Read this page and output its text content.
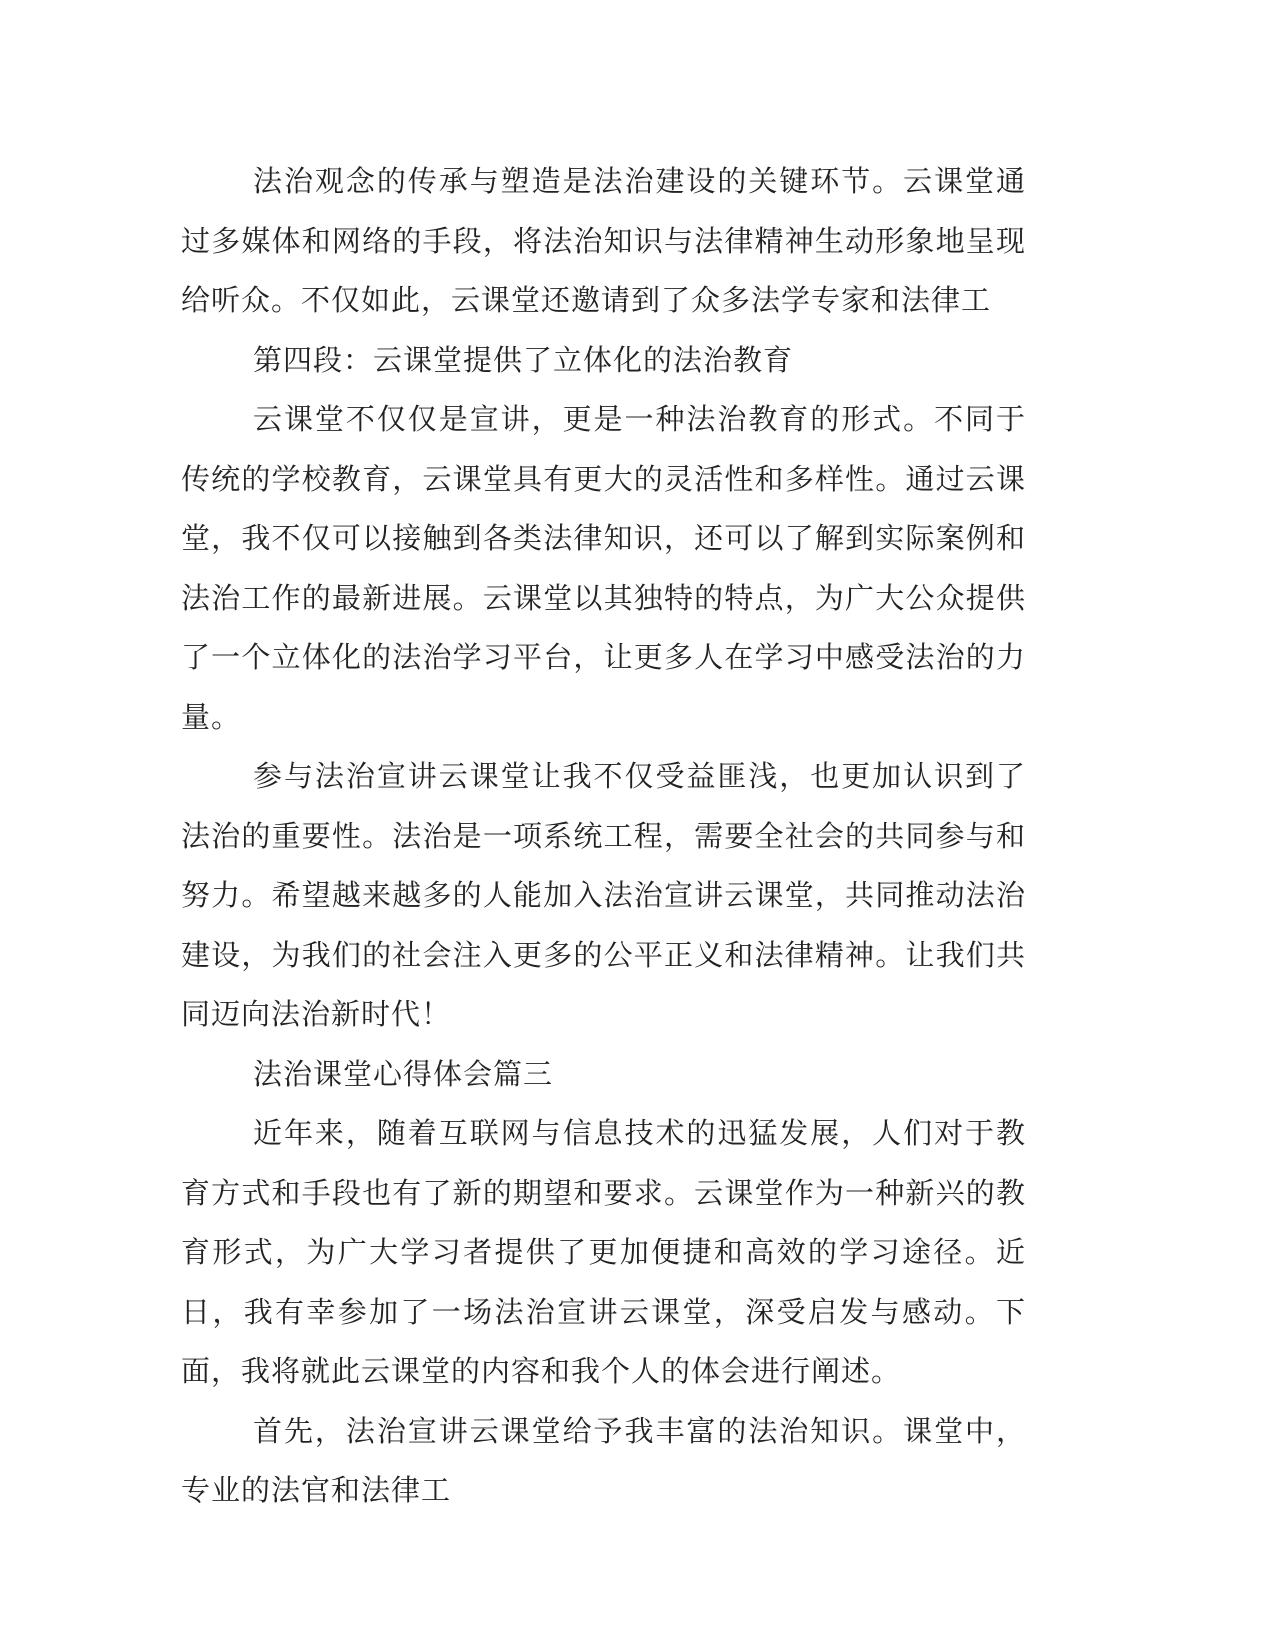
法治观念的传承与塑造是法治建设的关键环节。云课堂通过多媒体和网络的手段，将法治知识与法律精神生动形象地呈现给听众。不仅如此，云课堂还邀请到了众多法学专家和法律工

第四段：云课堂提供了立体化的法治教育

云课堂不仅仅是宣讲，更是一种法治教育的形式。不同于传统的学校教育，云课堂具有更大的灵活性和多样性。通过云课堂，我不仅可以接触到各类法律知识，还可以了解到实际案例和法治工作的最新进展。云课堂以其独特的特点，为广大公众提供了一个立体化的法治学习平台，让更多人在学习中感受法治的力量。

参与法治宣讲云课堂让我不仅受益匪浅，也更加认识到了法治的重要性。法治是一项系统工程，需要全社会的共同参与和努力。希望越来越多的人能加入法治宣讲云课堂，共同推动法治建设，为我们的社会注入更多的公平正义和法律精神。让我们共同迈向法治新时代！

法治课堂心得体会篇三

近年来，随着互联网与信息技术的迅猛发展，人们对于教育方式和手段也有了新的期望和要求。云课堂作为一种新兴的教育形式，为广大学习者提供了更加便捷和高效的学习途径。近日，我有幸参加了一场法治宣讲云课堂，深受启发与感动。下面，我将就此云课堂的内容和我个人的体会进行阐述。

首先，法治宣讲云课堂给予我丰富的法治知识。课堂中，专业的法官和法律工
